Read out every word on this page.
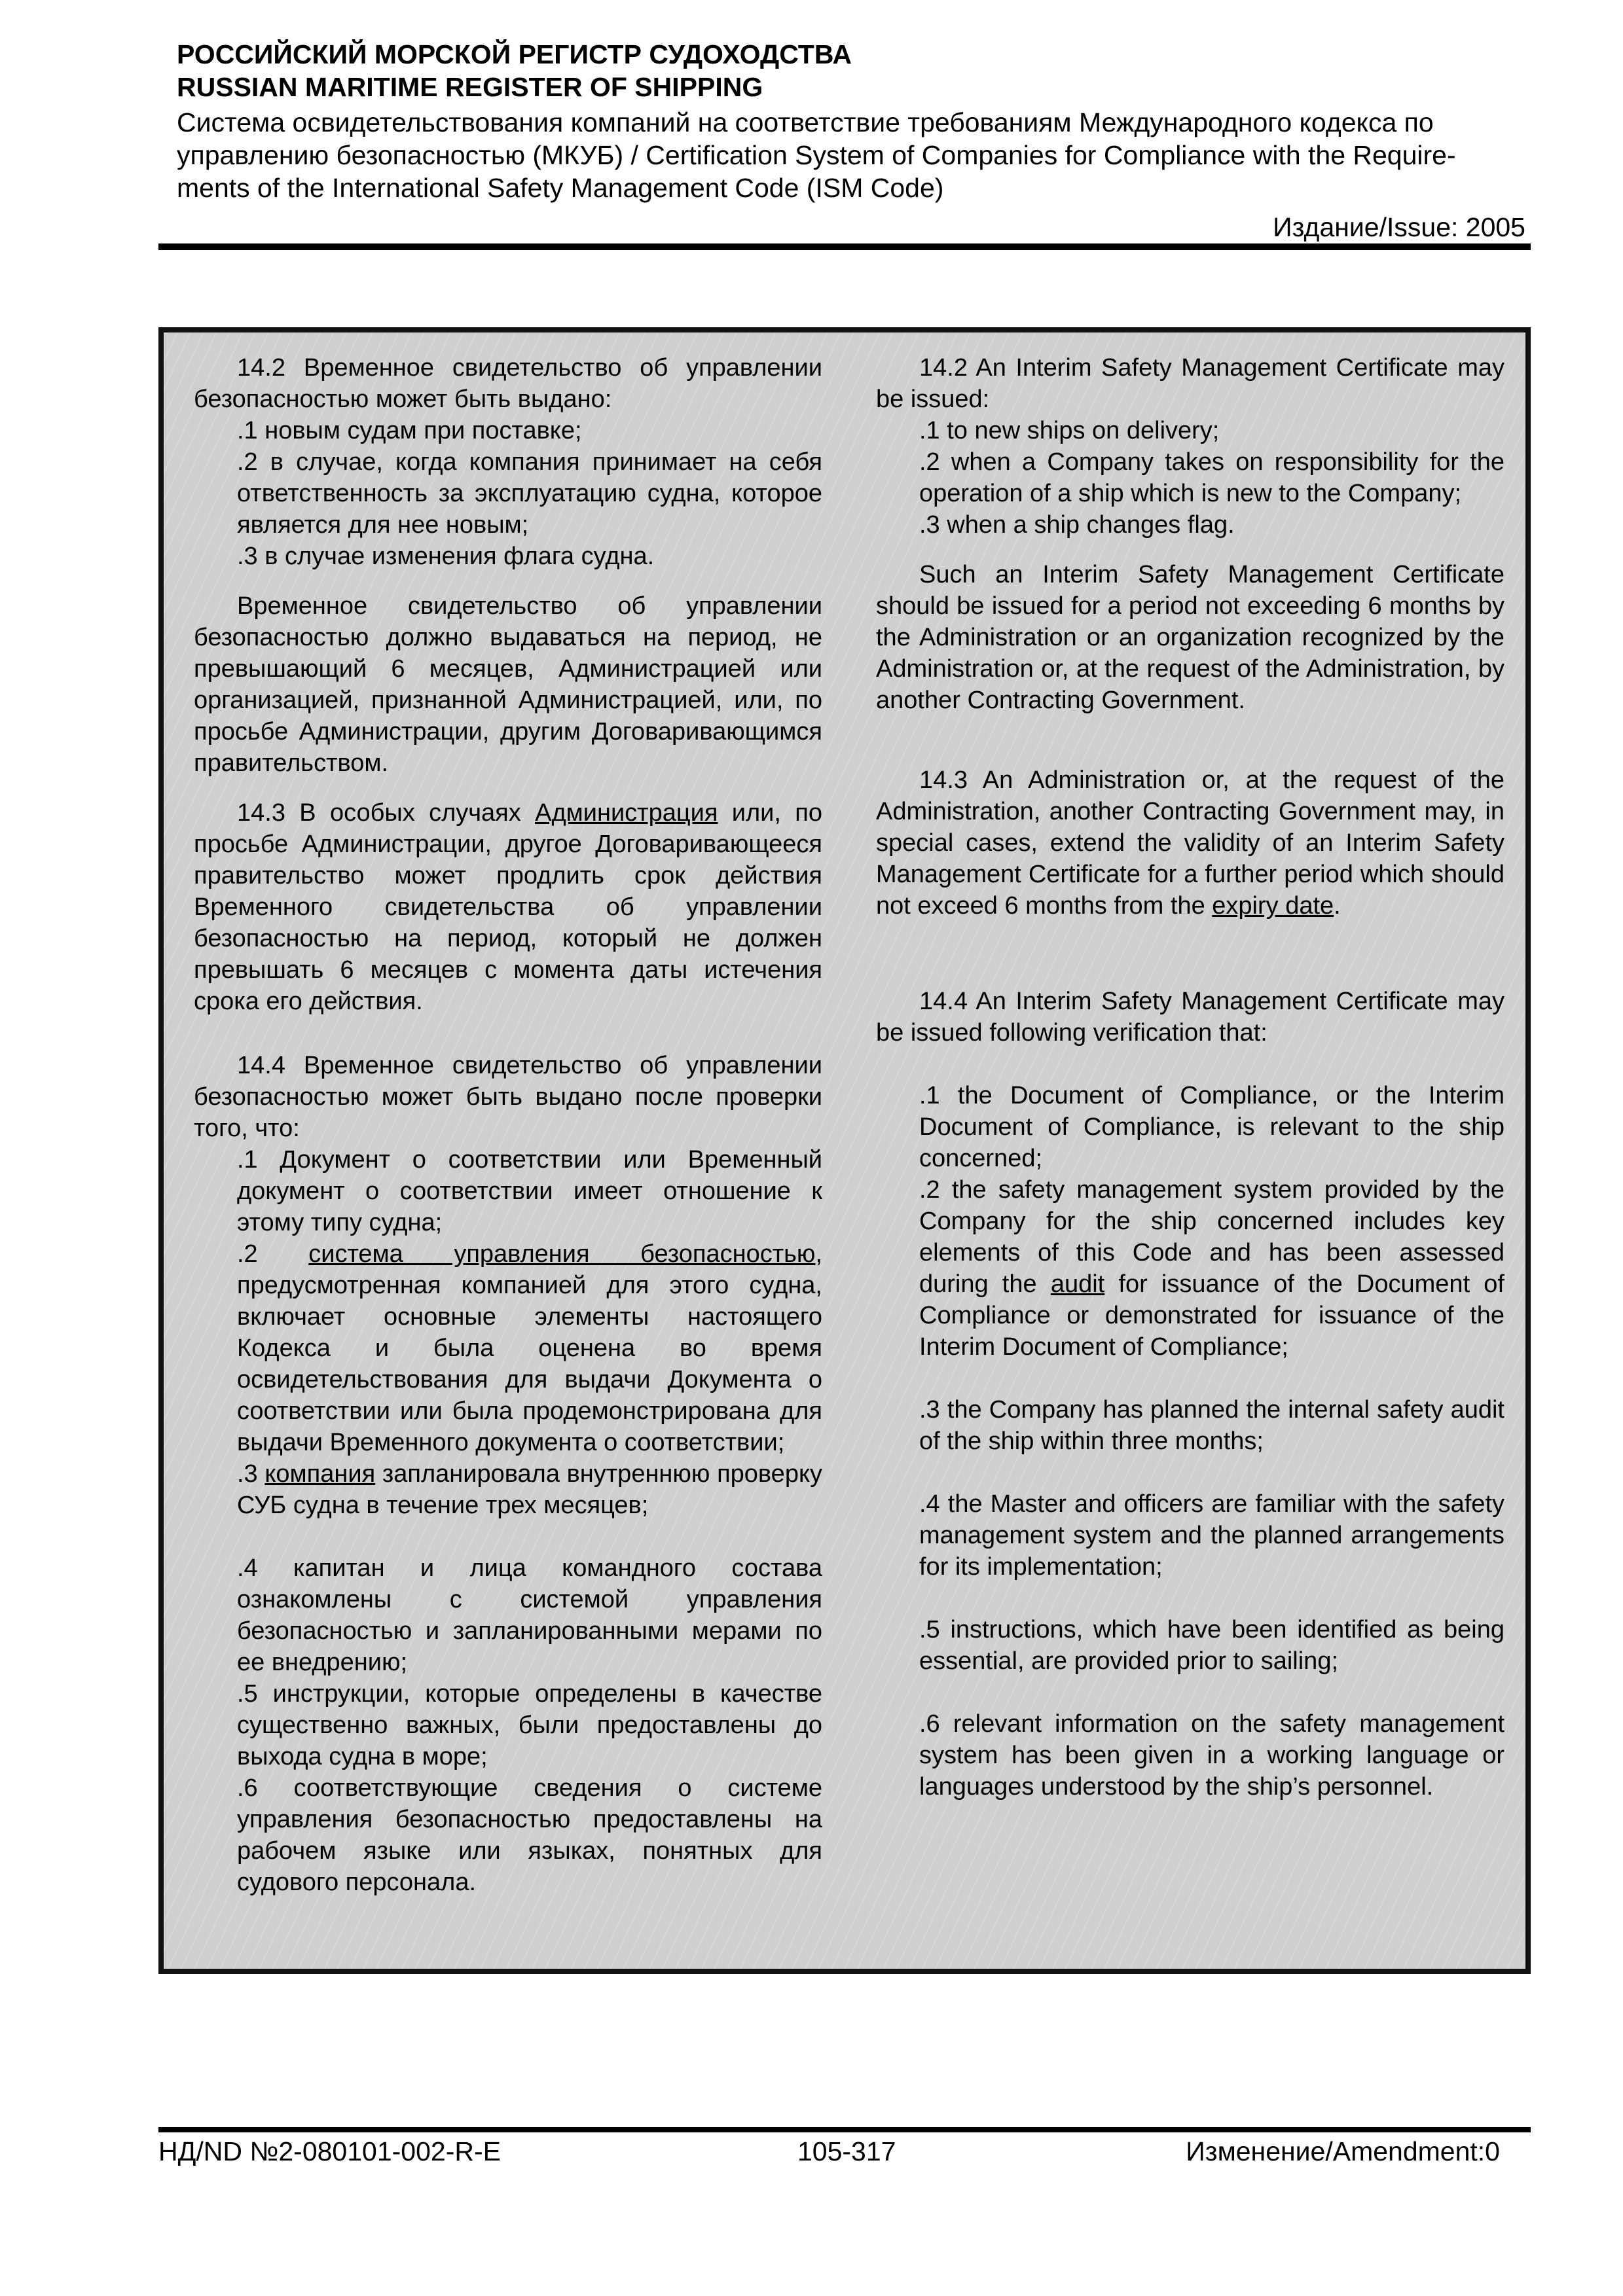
РОССИЙСКИЙ МОРСКОЙ РЕГИСТР СУДОХОДСТВА
RUSSIAN MARITIME REGISTER OF SHIPPING
Система освидетельствования компаний на соответствие требованиям Международного кодекса по
управлению безопасностью (МКУБ) / Certification System of Companies for Compliance with the Require-
ments of the International Safety Management Code (ISM Code)
Издание/Issue: 2005
14.2 Временное свидетельство об управлении безопасностью может быть выдано:
.1 новым судам при поставке;
.2 в случае, когда компания принимает на себя ответственность за эксплуатацию судна, которое является для нее новым;
.3 в случае изменения флага судна.
Временное свидетельство об управлении безопасностью должно выдаваться на период, не превышающий 6 месяцев, Администрацией или организацией, признанной Администрацией, или, по просьбе Администрации, другим Договаривающимся правительством.
14.3 В особых случаях Администрация или, по просьбе Администрации, другое Договаривающееся правительство может продлить срок действия Временного свидетельства об управлении безопасностью на период, который не должен превышать 6 месяцев с момента даты истечения срока его действия.
14.4 Временное свидетельство об управлении безопасностью может быть выдано после проверки того, что:
.1 Документ о соответствии или Временный документ о соответствии имеет отношение к этому типу судна;
.2 система управления безопасностью, предусмотренная компанией для этого судна, включает основные элементы настоящего Кодекса и была оценена во время освидетельствования для выдачи Документа о соответствии или была продемонстрирована для выдачи Временного документа о соответствии;
.3 компания запланировала внутреннюю проверку СУБ судна в течение трех месяцев;
.4 капитан и лица командного состава ознакомлены с системой управления безопасностью и запланированными мерами по ее внедрению;
.5 инструкции, которые определены в качестве существенно важных, были предоставлены до выхода судна в море;
.6 соответствующие сведения о системе управления безопасностью предоставлены на рабочем языке или языках, понятных для судового персонала.
14.2 An Interim Safety Management Certificate may be issued:
.1 to new ships on delivery;
.2 when a Company takes on responsibility for the operation of a ship which is new to the Company;
.3 when a ship changes flag.
Such an Interim Safety Management Certificate should be issued for a period not exceeding 6 months by the Administration or an organization recognized by the Administration or, at the request of the Administration, by another Contracting Government.
14.3 An Administration or, at the request of the Administration, another Contracting Government may, in special cases, extend the validity of an Interim Safety Management Certificate for a further period which should not exceed 6 months from the expiry date.
14.4 An Interim Safety Management Certificate may be issued following verification that:
.1 the Document of Compliance, or the Interim Document of Compliance, is relevant to the ship concerned;
.2 the safety management system provided by the Company for the ship concerned includes key elements of this Code and has been assessed during the audit for issuance of the Document of Compliance or demonstrated for issuance of the Interim Document of Compliance;
.3 the Company has planned the internal safety audit of the ship within three months;
.4 the Master and officers are familiar with the safety management system and the planned arrangements for its implementation;
.5 instructions, which have been identified as being essential, are provided prior to sailing;
.6 relevant information on the safety management system has been given in a working language or languages understood by the ship’s personnel.
НД/ND №2-080101-002-R-E	105-317	Изменение/Amendment:0
